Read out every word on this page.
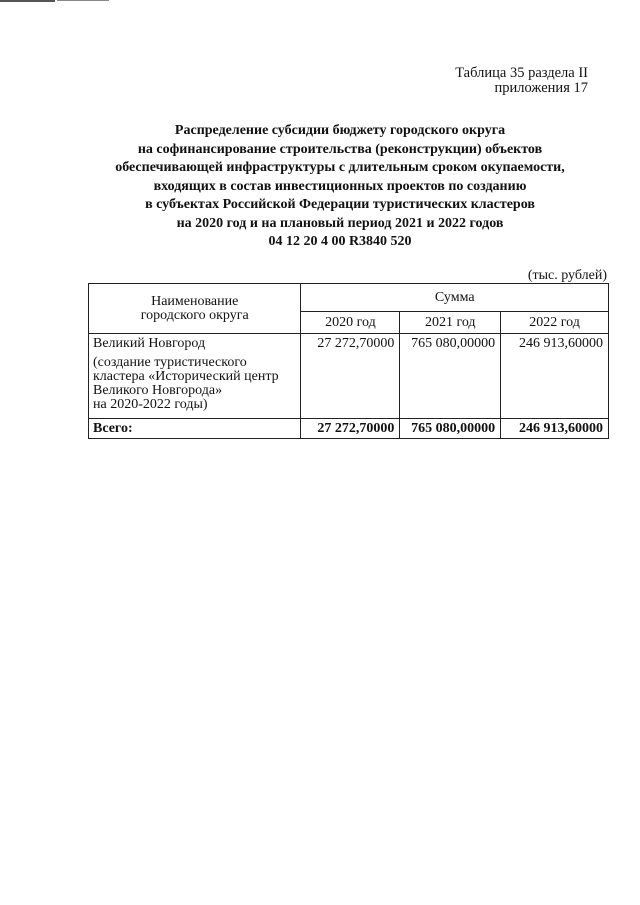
Таблица 35 раздела II
приложения 17
Распределение субсидии бюджету городского округа
на софинансирование строительства (реконструкции) объектов
обеспечивающей инфраструктуры с длительным сроком окупаемости,
входящих в состав инвестиционных проектов по созданию
в субъектах Российской Федерации туристических кластеров
на 2020 год и на плановый период 2021 и 2022 годов
04 12 20 4 00 R3840 520
(тыс. рублей)
Наименование
городского округа	Сумма		
	2020 год	2021 год	2022 год

Великий Новгород
(создание туристического
кластера «Исторический центр
Великого Новгорода»
на 2020-2022 годы)	27 272,70000	765 080,00000	246 913,60000
Всего:	27 272,70000	765 080,00000	246 913,60000
